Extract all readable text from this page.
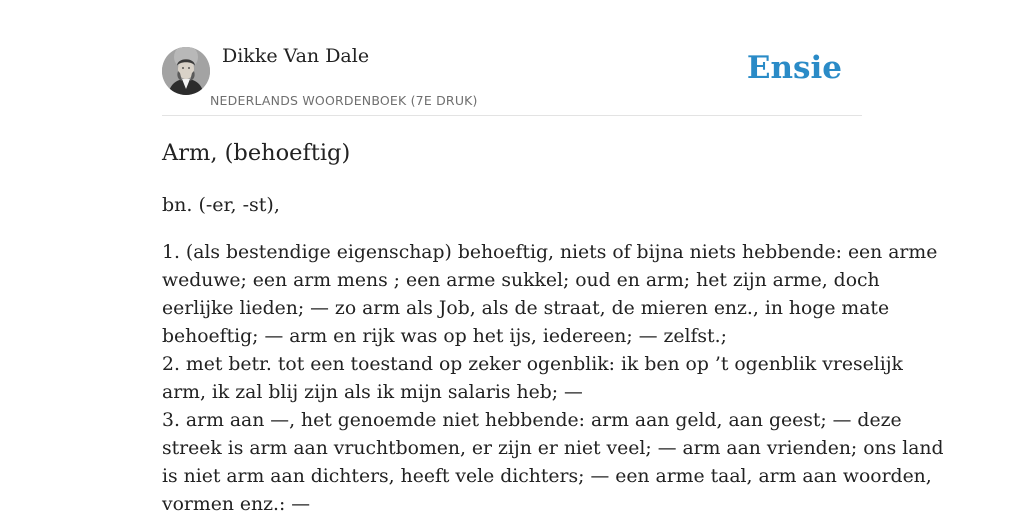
Dikke Van Dale
NEDERLANDS WOORDENBOEK (7E DRUK)
Ensie
Arm, (behoeftig)
bn. (-er, -st),
1. (als bestendige eigenschap) behoeftig, niets of bijna niets hebbende: een arme
weduwe; een arm mens ; een arme sukkel; oud en arm; het zijn arme, doch
eerlijke lieden; — zo arm als Job, als de straat, de mieren enz., in hoge mate
behoeftig; — arm en rijk was op het ijs, iedereen; — zelfst.;
2. met betr. tot een toestand op zeker ogenblik: ik ben op ’t ogenblik vreselijk
arm, ik zal blij zijn als ik mijn salaris heb; —
3. arm aan —, het genoemde niet hebbende: arm aan geld, aan geest; — deze
streek is arm aan vruchtbomen, er zijn er niet veel; — arm aan vrienden; ons land
is niet arm aan dichters, heeft vele dichters; — een arme taal, arm aan woorden,
vormen enz.: —
